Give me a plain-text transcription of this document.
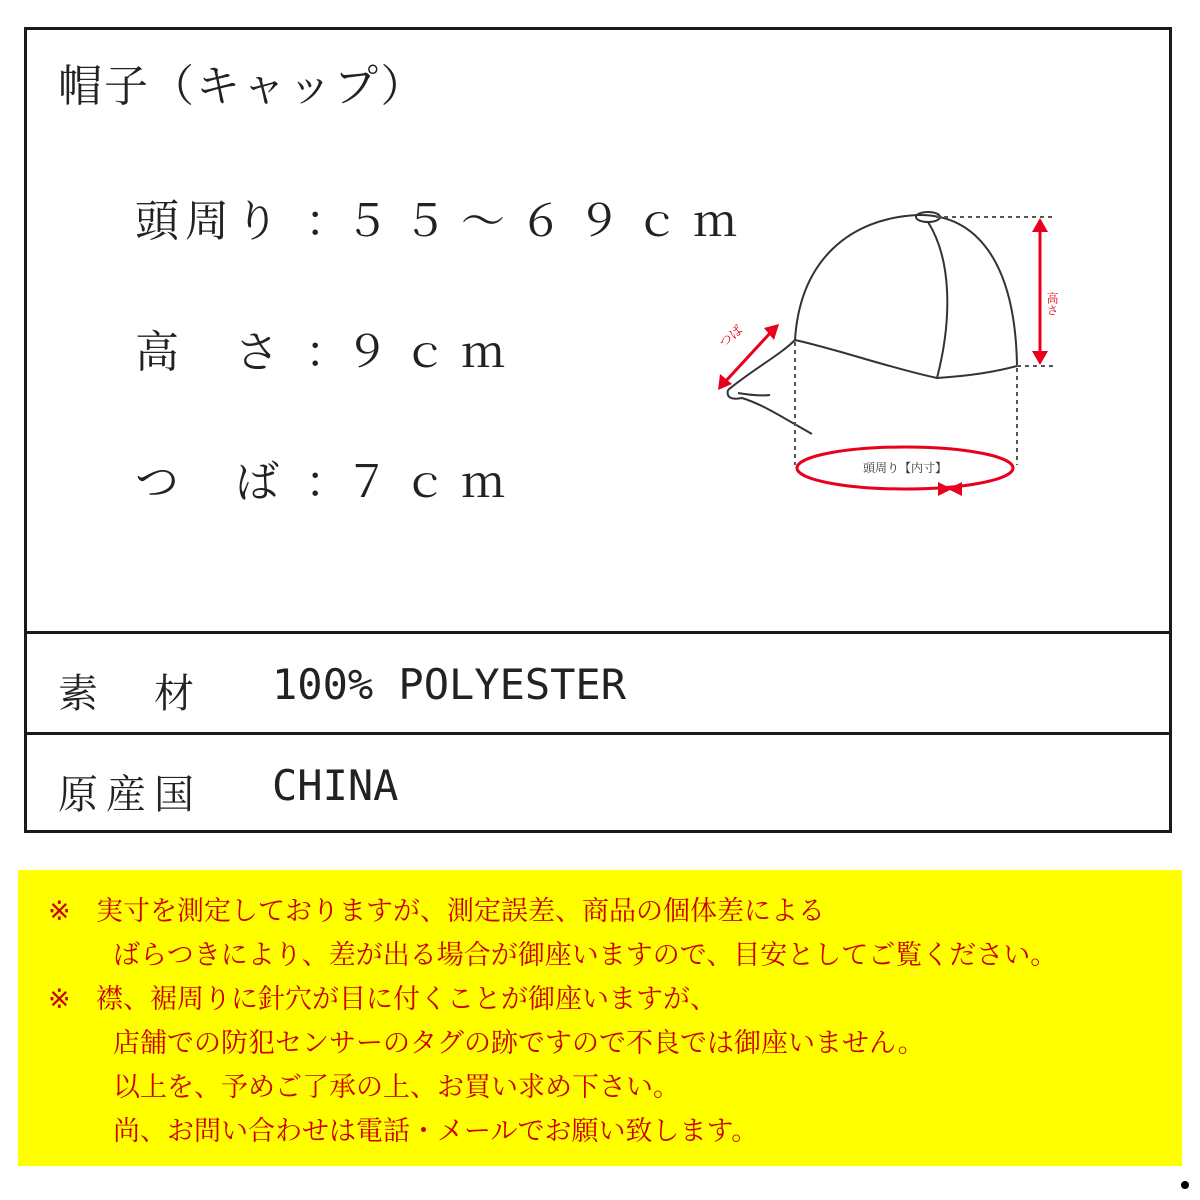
帽子（キャップ）
頭周り ：５５～６９ｃｍ
高　さ ：９ｃｍ
つ　ば ：７ｃｍ
高さ
つば
頭周り【内寸】
素　材 100% POLYESTER
原産国 CHINA
※ 実寸を測定しておりますが、測定誤差、商品の個体差による
ばらつきにより、差が出る場合が御座いますので、目安としてご覧ください。
※ 襟、裾周りに針穴が目に付くことが御座いますが、
店舗での防犯センサーのタグの跡ですので不良では御座いません。
以上を、予めご了承の上、お買い求め下さい。
尚、お問い合わせは電話・メールでお願い致します。
